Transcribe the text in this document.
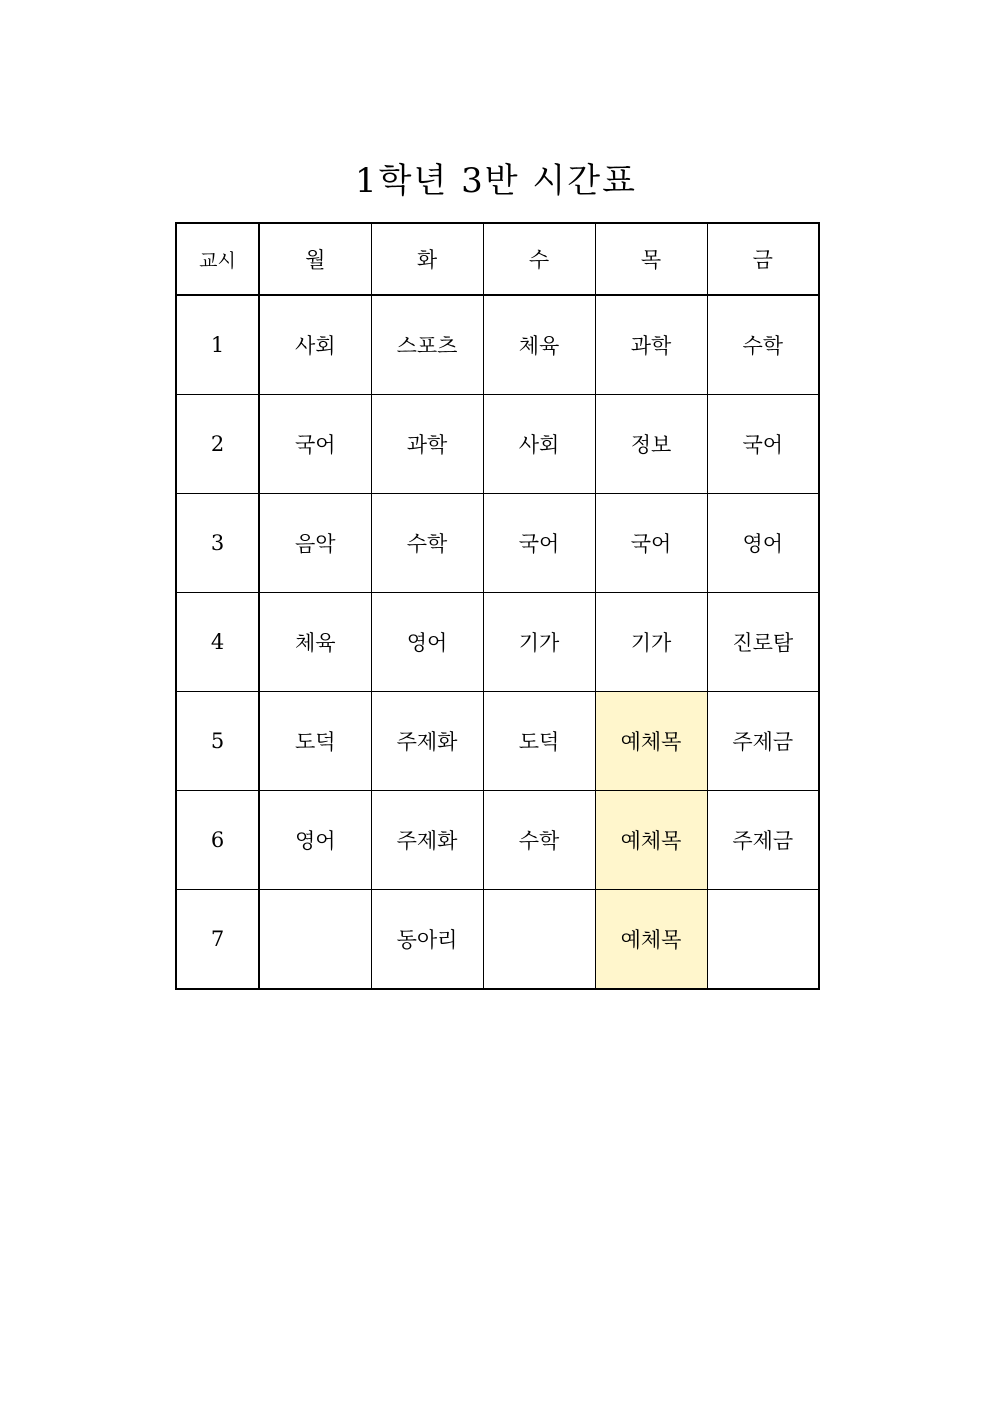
1학년 3반 시간표
교시	월	화	수	목	금
1	사회	스포츠	체육	과학	수학
2	국어	과학	사회	정보	국어
3	음악	수학	국어	국어	영어
4	체육	영어	기가	기가	진로탐
5	도덕	주제화	도덕	예체목	주제금
6	영어	주제화	수학	예체목	주제금
7		동아리		예체목	
